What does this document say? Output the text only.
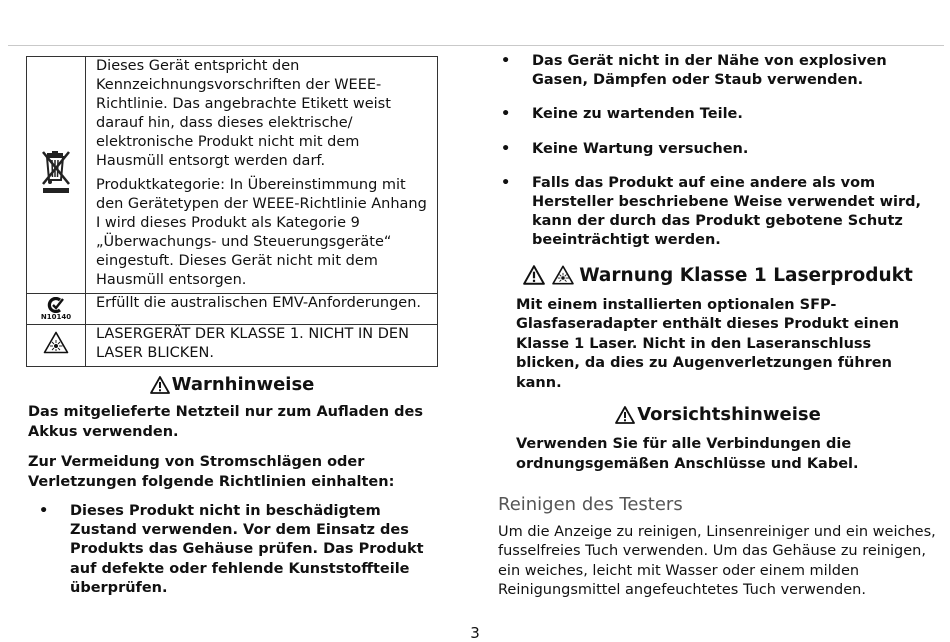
Dieses Gerät entspricht den Kennzeichnungsvorschriften der WEEE-Richtlinie. Das angebrachte Etikett weist darauf hin, dass dieses elektrische/ elektronische Produkt nicht mit dem Hausmüll entsorgt werden darf.

Produktkategorie: In Übereinstimmung mit den Gerätetypen der WEEE-Richtlinie Anhang I wird dieses Produkt als Kategorie 9 „Überwachungs- und Steuerungsgeräte“ eingestuft. Dieses Gerät nicht mit dem Hausmüll entsorgen.

N10140	Erfüllt die australischen EMV-Anforderungen.

LASERGERÄT DER KLASSE 1. NICHT IN DEN LASER BLICKEN.

Warnhinweise

Das mitgelieferte Netzteil nur zum Aufladen des Akkus verwenden.

Zur Vermeidung von Stromschlägen oder Verletzungen folgende Richtlinien einhalten:

• Dieses Produkt nicht in beschädigtem Zustand verwenden. Vor dem Einsatz des Produkts das Gehäuse prüfen. Das Produkt auf defekte oder fehlende Kunststoffteile überprüfen.
• Das Gerät nicht in der Nähe von explosiven Gasen, Dämpfen oder Staub verwenden.
• Keine zu wartenden Teile.
• Keine Wartung versuchen.
• Falls das Produkt auf eine andere als vom Hersteller beschriebene Weise verwendet wird, kann der durch das Produkt gebotene Schutz beeinträchtigt werden.
Warnung Klasse 1 Laserprodukt

Mit einem installierten optionalen SFP-Glasfaseradapter enthält dieses Produkt einen Klasse 1 Laser. Nicht in den Laseranschluss blicken, da dies zu Augenverletzungen führen kann.

Vorsichtshinweise

Verwenden Sie für alle Verbindungen die ordnungsgemäßen Anschlüsse und Kabel.

Reinigen des Testers

Um die Anzeige zu reinigen, Linsenreiniger und ein weiches, fusselfreies Tuch verwenden. Um das Gehäuse zu reinigen, ein weiches, leicht mit Wasser oder einem milden Reinigungsmittel angefeuchtetes Tuch verwenden.

3
